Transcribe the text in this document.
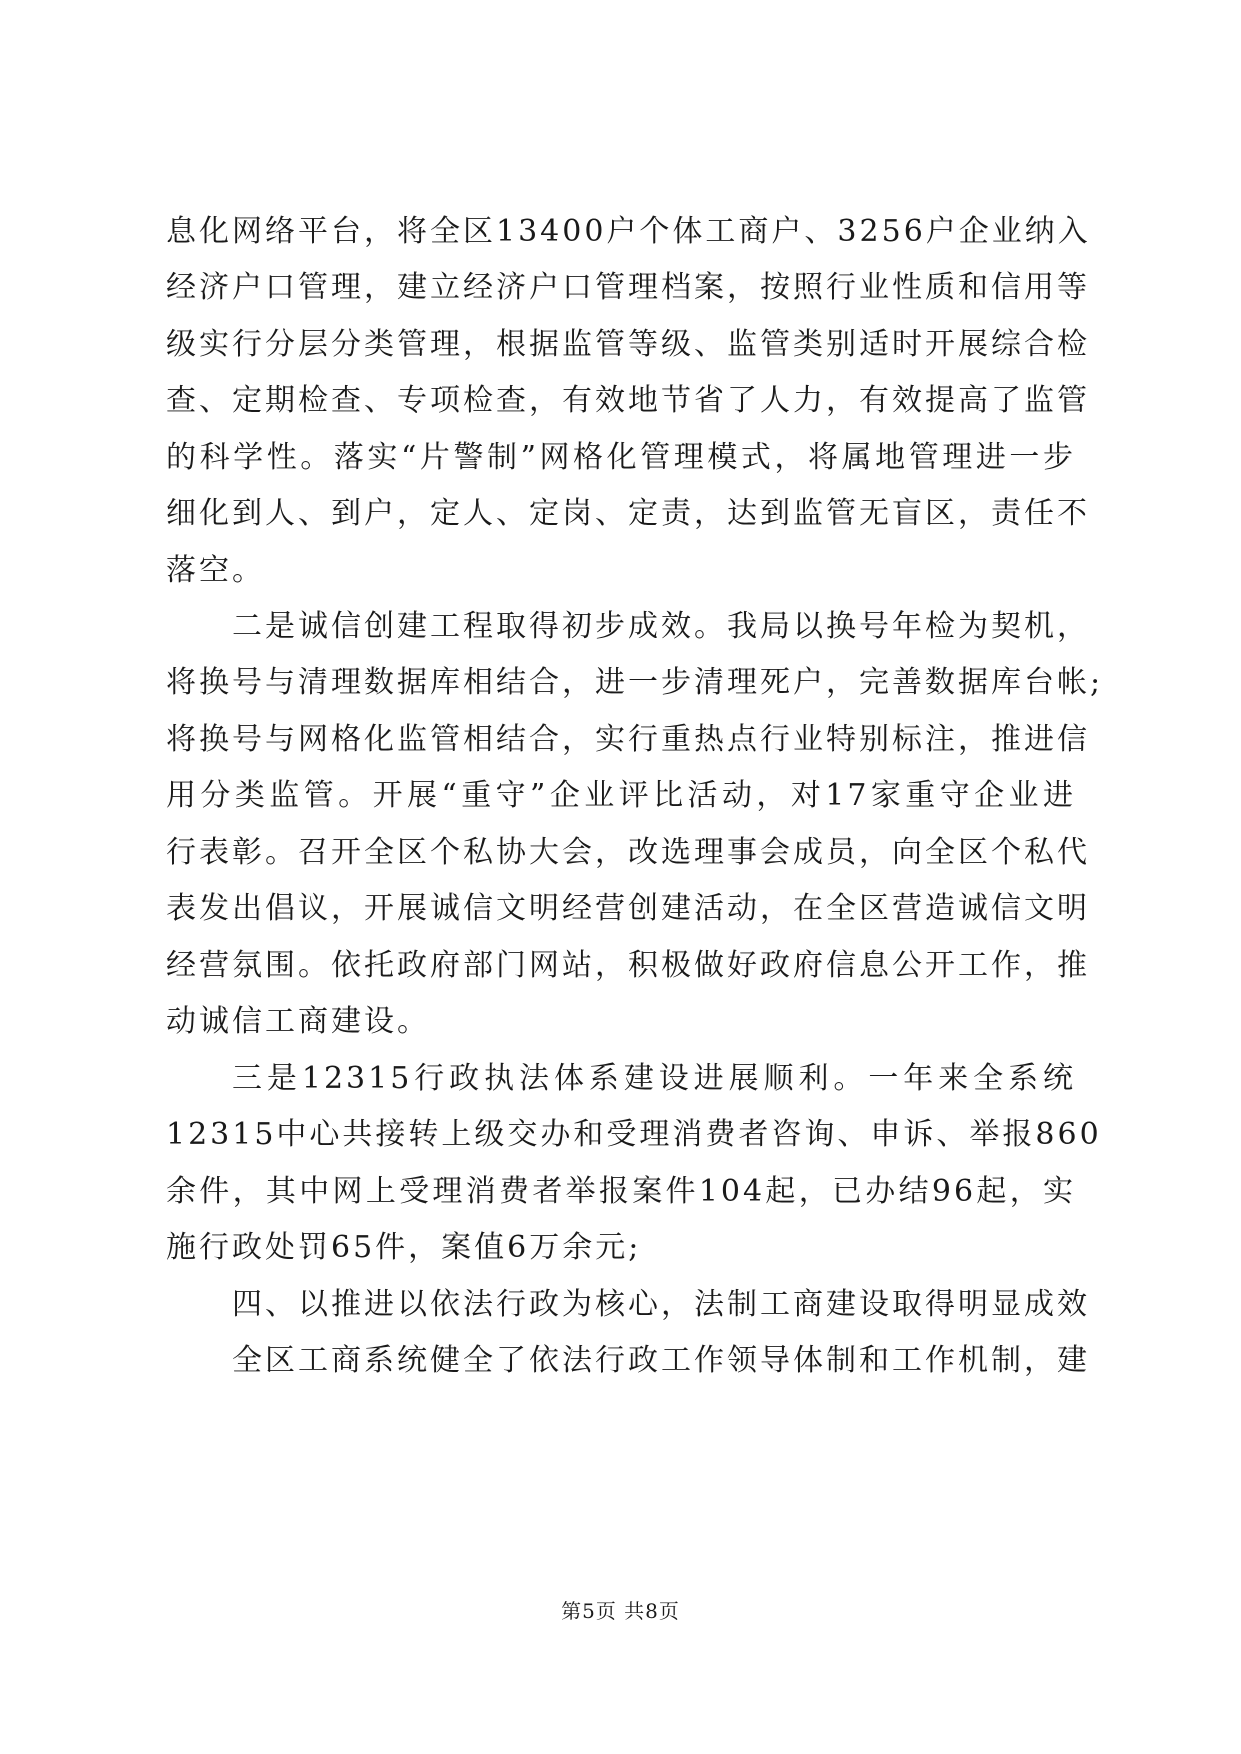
息化网络平台，将全区13400户个体工商户、3256户企业纳入
经济户口管理，建立经济户口管理档案，按照行业性质和信用等
级实行分层分类管理，根据监管等级、监管类别适时开展综合检
查、定期检查、专项检查，有效地节省了人力，有效提高了监管
的科学性。落实“片警制”网格化管理模式，将属地管理进一步
细化到人、到户，定人、定岗、定责，达到监管无盲区，责任不
落空。
二是诚信创建工程取得初步成效。我局以换号年检为契机，
将换号与清理数据库相结合，进一步清理死户，完善数据库台帐;
将换号与网格化监管相结合，实行重热点行业特别标注，推进信
用分类监管。开展“重守”企业评比活动，对17家重守企业进
行表彰。召开全区个私协大会，改选理事会成员，向全区个私代
表发出倡议，开展诚信文明经营创建活动，在全区营造诚信文明
经营氛围。依托政府部门网站，积极做好政府信息公开工作，推
动诚信工商建设。
三是12315行政执法体系建设进展顺利。一年来全系统
12315中心共接转上级交办和受理消费者咨询、申诉、举报860
余件，其中网上受理消费者举报案件104起，已办结96起，实
施行政处罚65件，案值6万余元;
四、以推进以依法行政为核心，法制工商建设取得明显成效
全区工商系统健全了依法行政工作领导体制和工作机制，建
第5页 共8页
